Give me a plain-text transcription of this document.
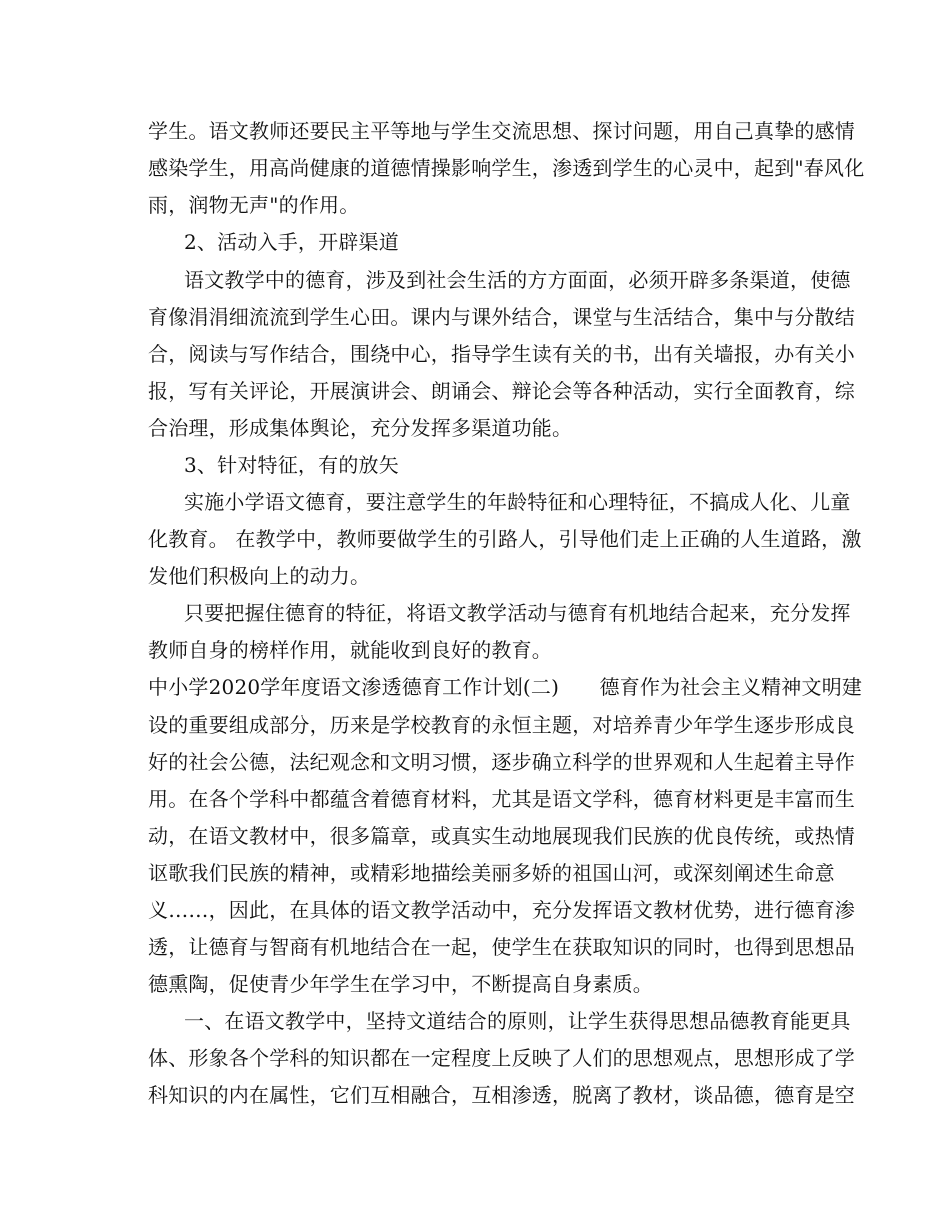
学生。语文教师还要民主平等地与学生交流思想、探讨问题，用自己真挚的感情
感染学生，用高尚健康的道德情操影响学生，渗透到学生的心灵中，起到"春风化
雨，润物无声"的作用。
2、活动入手，开辟渠道
语文教学中的德育，涉及到社会生活的方方面面，必须开辟多条渠道，使德
育像涓涓细流流到学生心田。课内与课外结合，课堂与生活结合，集中与分散结
合，阅读与写作结合，围绕中心，指导学生读有关的书，出有关墙报，办有关小
报，写有关评论，开展演讲会、朗诵会、辩论会等各种活动，实行全面教育，综
合治理，形成集体舆论，充分发挥多渠道功能。
3、针对特征，有的放矢
实施小学语文德育，要注意学生的年龄特征和心理特征，不搞成人化、儿童
化教育。 在教学中，教师要做学生的引路人，引导他们走上正确的人生道路，激
发他们积极向上的动力。
只要把握住德育的特征，将语文教学活动与德育有机地结合起来，充分发挥
教师自身的榜样作用，就能收到良好的教育。
中小学2020学年度语文渗透德育工作计划(二)　　德育作为社会主义精神文明建
设的重要组成部分，历来是学校教育的永恒主题，对培养青少年学生逐步形成良
好的社会公德，法纪观念和文明习惯，逐步确立科学的世界观和人生起着主导作
用。在各个学科中都蕴含着德育材料，尤其是语文学科，德育材料更是丰富而生
动，在语文教材中，很多篇章，或真实生动地展现我们民族的优良传统，或热情
讴歌我们民族的精神，或精彩地描绘美丽多娇的祖国山河，或深刻阐述生命意
义……，因此，在具体的语文教学活动中，充分发挥语文教材优势，进行德育渗
透，让德育与智商有机地结合在一起，使学生在获取知识的同时，也得到思想品
德熏陶，促使青少年学生在学习中，不断提高自身素质。
一、在语文教学中，坚持文道结合的原则，让学生获得思想品德教育能更具
体、形象各个学科的知识都在一定程度上反映了人们的思想观点，思想形成了学
科知识的内在属性，它们互相融合，互相渗透，脱离了教材，谈品德，德育是空
